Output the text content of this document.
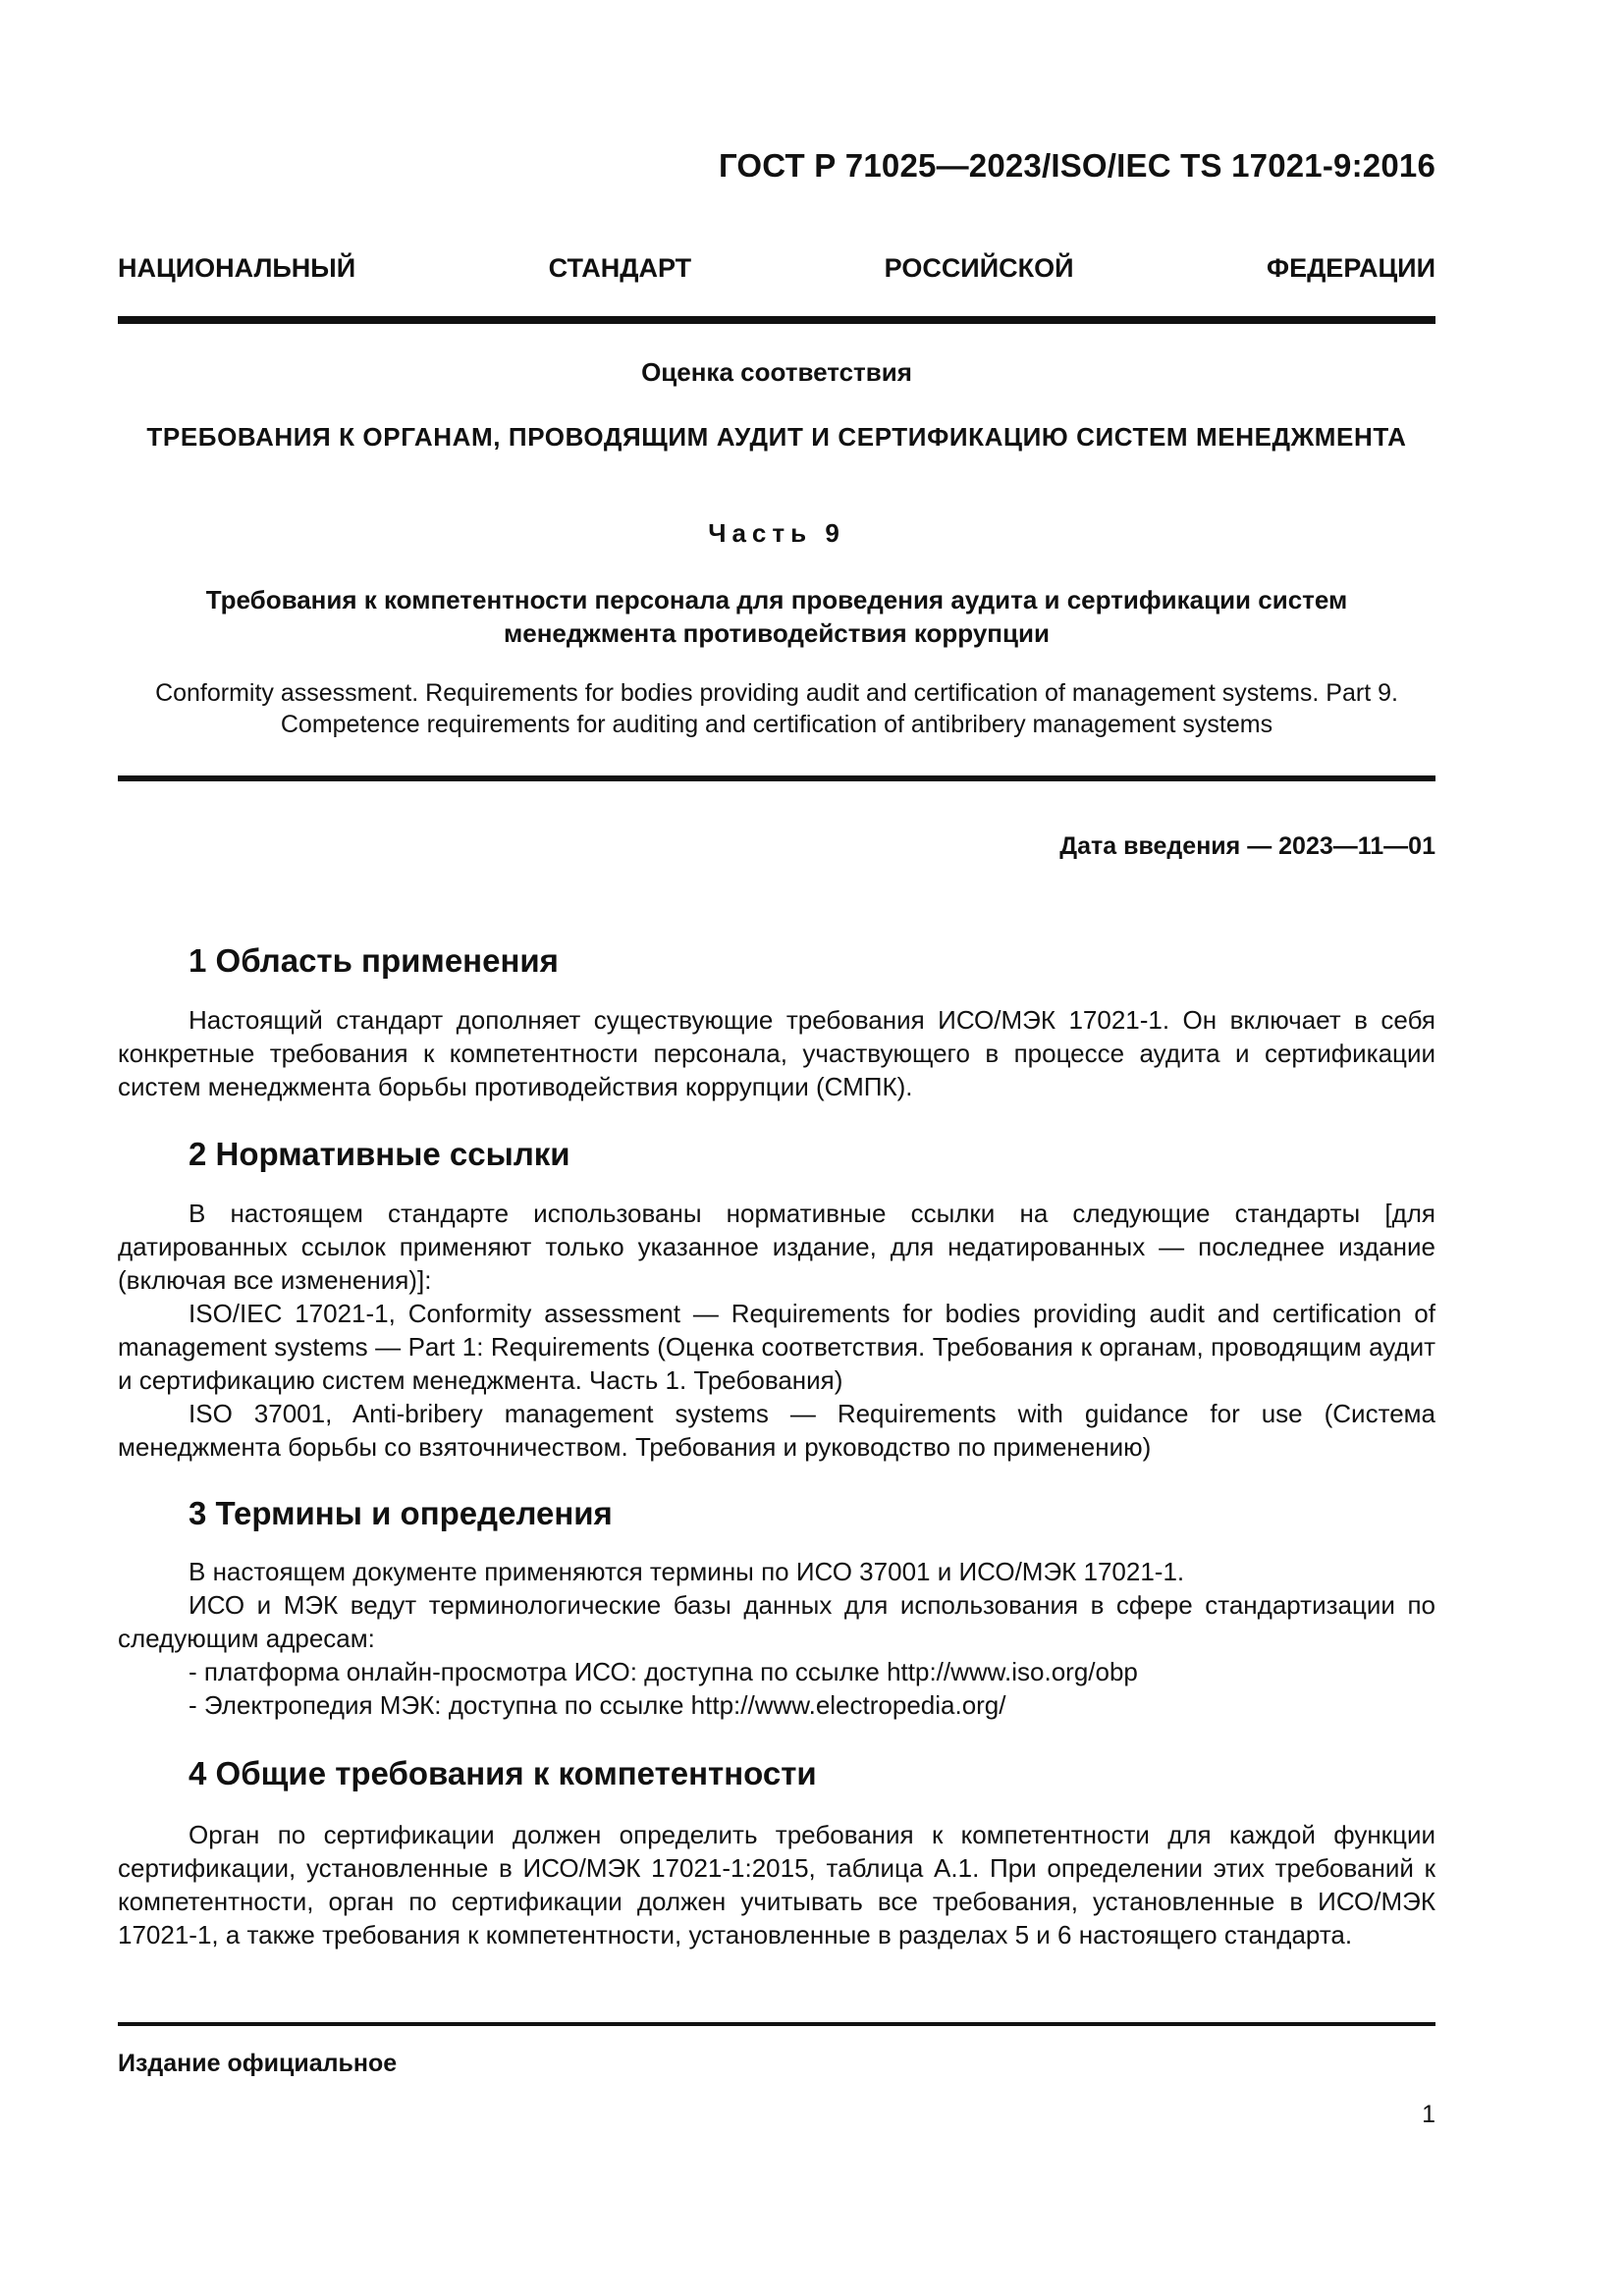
ГОСТ Р 71025—2023/ISO/IEC TS 17021-9:2016
НАЦИОНАЛЬНЫЙ СТАНДАРТ РОССИЙСКОЙ ФЕДЕРАЦИИ
Оценка соответствия
ТРЕБОВАНИЯ К ОРГАНАМ, ПРОВОДЯЩИМ АУДИТ И СЕРТИФИКАЦИЮ СИСТЕМ МЕНЕДЖМЕНТА
Часть 9
Требования к компетентности персонала для проведения аудита и сертификации систем менеджмента противодействия коррупции
Conformity assessment. Requirements for bodies providing audit and certification of management systems. Part 9.
Competence requirements for auditing and certification of antibribery management systems
Дата введения — 2023—11—01
1 Область применения

Настоящий стандарт дополняет существующие требования ИСО/МЭК 17021-1. Он включает в себя конкретные требования к компетентности персонала, участвующего в процессе аудита и сертификации систем менеджмента борьбы противодействия коррупции (СМПК).

2 Нормативные ссылки

В настоящем стандарте использованы нормативные ссылки на следующие стандарты [для датированных ссылок применяют только указанное издание, для недатированных — последнее издание (включая все изменения)]:

ISO/IEC 17021-1, Conformity assessment — Requirements for bodies providing audit and certification of management systems — Part 1: Requirements (Оценка соответствия. Требования к органам, проводящим аудит и сертификацию систем менеджмента. Часть 1. Требования)

ISO 37001, Anti-bribery management systems — Requirements with guidance for use (Система менеджмента борьбы со взяточничеством. Требования и руководство по применению)

3 Термины и определения

В настоящем документе применяются термины по ИСО 37001 и ИСО/МЭК 17021-1.

ИСО и МЭК ведут терминологические базы данных для использования в сфере стандартизации по следующим адресам:

- платформа онлайн-просмотра ИСО: доступна по ссылке http://www.iso.org/obp

- Электропедия МЭК: доступна по ссылке http://www.electropedia.org/

4 Общие требования к компетентности

Орган по сертификации должен определить требования к компетентности для каждой функции сертификации, установленные в ИСО/МЭК 17021-1:2015, таблица А.1. При определении этих требований к компетентности, орган по сертификации должен учитывать все требования, установленные в ИСО/МЭК 17021-1, а также требования к компетентности, установленные в разделах 5 и 6 настоящего стандарта.

Издание официальное
1
